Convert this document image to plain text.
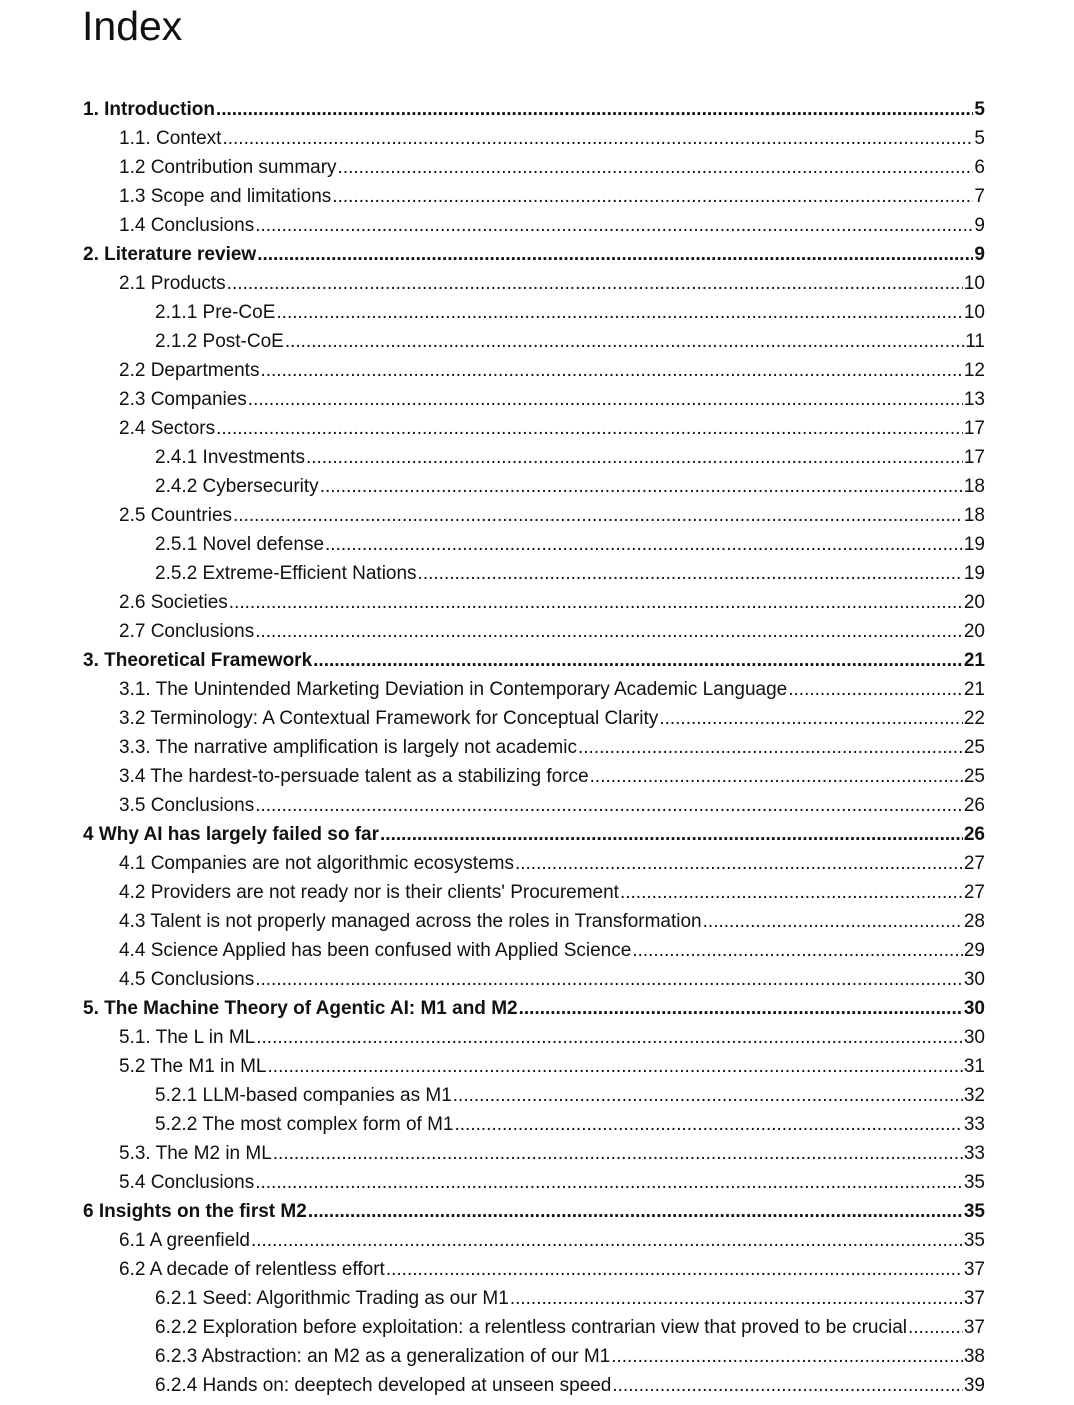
Index
1. Introduction .....	5
1.1. Context .....	5
1.2 Contribution summary .....	6
1.3 Scope and limitations .....	7
1.4 Conclusions .....	9
2. Literature review .....	9
2.1 Products .....	10
2.1.1 Pre-CoE .....	10
2.1.2 Post-CoE .....	11
2.2 Departments .....	12
2.3 Companies .....	13
2.4 Sectors .....	17
2.4.1 Investments .....	17
2.4.2 Cybersecurity .....	18
2.5 Countries .....	18
2.5.1 Novel defense .....	19
2.5.2 Extreme-Efficient Nations .....	19
2.6 Societies .....	20
2.7 Conclusions .....	20
3. Theoretical Framework .....	21
3.1. The Unintended Marketing Deviation in Contemporary Academic Language .....	21
3.2 Terminology: A Contextual Framework for Conceptual Clarity .....	22
3.3. The narrative amplification is largely not academic .....	25
3.4 The hardest-to-persuade talent as a stabilizing force .....	25
3.5 Conclusions .....	26
4 Why AI has largely failed so far .....	26
4.1 Companies are not algorithmic ecosystems .....	27
4.2 Providers are not ready nor is their clients' Procurement .....	27
4.3 Talent is not properly managed across the roles in Transformation .....	28
4.4 Science Applied has been confused with Applied Science .....	29
4.5 Conclusions .....	30
5. The Machine Theory of Agentic AI: M1 and M2 .....	30
5.1. The L in ML .....	30
5.2 The M1 in ML .....	31
5.2.1 LLM-based companies as M1 .....	32
5.2.2 The most complex form of M1 .....	33
5.3. The M2 in ML .....	33
5.4 Conclusions .....	35
6 Insights on the first M2 .....	35
6.1 A greenfield .....	35
6.2 A decade of relentless effort .....	37
6.2.1 Seed: Algorithmic Trading as our M1 .....	37
6.2.2 Exploration before exploitation: a relentless contrarian view that proved to be crucial .....	37
6.2.3 Abstraction: an M2 as a generalization of our M1 .....	38
6.2.4 Hands on: deeptech developed at unseen speed .....	39
